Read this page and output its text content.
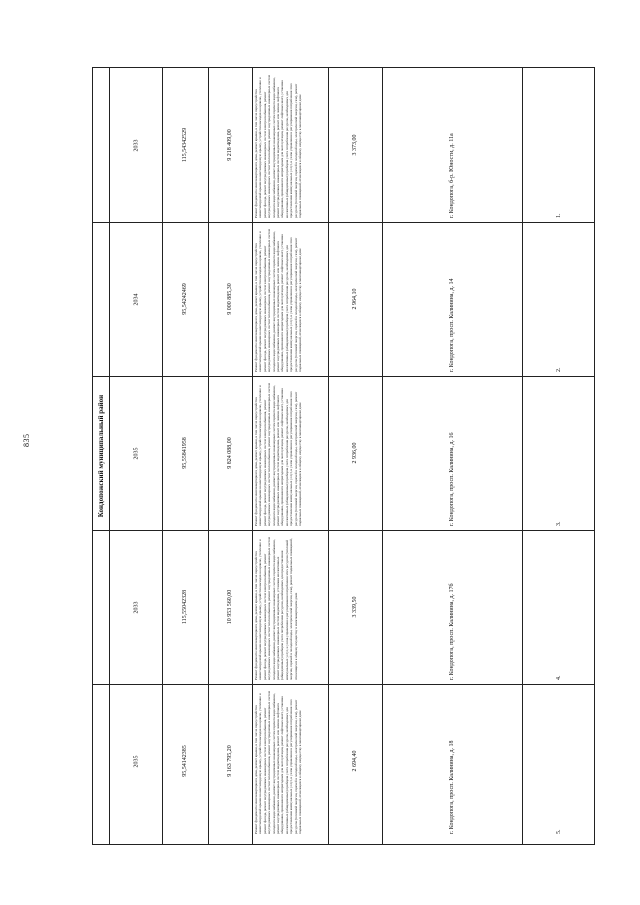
835	Кондопожский муниципальный район
2033	115,54342529	9 218 409,00	Ремонт фундамента многоквартирного дома, ремонт крыши, в том числе переустройство невентилируемой крыши на вентилируемую крышу, устройство выходов на кровлю, утепление и ремонт фасада, ремонт внутридомовых инженерных систем электроснабжения, ремонт внутридомовых инженерных систем теплоснабжения, ремонт внутридомовых инженерных систем холодного водоснабжения, ремонт внутридомовых инженерных систем горячего водоснабжения, ремонт внутридомовых инженерных систем водоотведения, ремонт или замена лифтового оборудования, признанного непригодным для эксплуатации, ремонт лифтовых шахт, установка коллективных (общедомовых) приборов учета потребления ресурсов, необходимых для предоставления коммунальных услуг, и узлов управления и регулирования потребления этих ресурсов (тепловой энергии, горячей и холодной воды, электрической энергии, газа), ремонт подвальных помещений, относящихся к общему имуществу в многоквартирном доме	3 373,00	г. Кондопога, б-р. Юности, д. 11а	1.
2034	95,54242469	9 000 885,30	Ремонт фундамента многоквартирного дома, ремонт крыши, в том числе переустройство невентилируемой крыши на вентилируемую крышу, устройство выходов на кровлю, утепление и ремонт фасада, ремонт внутридомовых инженерных систем электроснабжения, ремонт внутридомовых инженерных систем теплоснабжения, ремонт внутридомовых инженерных систем холодного водоснабжения, ремонт внутридомовых инженерных систем горячего водоснабжения, ремонт внутридомовых инженерных систем водоотведения, ремонт или замена лифтового оборудования, признанного непригодным для эксплуатации, ремонт лифтовых шахт, установка коллективных (общедомовых) приборов учета потребления ресурсов, необходимых для предоставления коммунальных услуг, и узлов управления и регулирования потребления этих ресурсов (тепловой энергии, горячей и холодной воды, электрической энергии, газа), ремонт подвальных помещений, относящихся к общему имуществу в многоквартирном доме	2 964,10	г. Кондопога, просп. Калинина, д. 14	2.
2035	95,55841958	9 824 088,00	Ремонт фундамента многоквартирного дома, ремонт крыши, в том числе переустройство невентилируемой крыши на вентилируемую крышу, устройство выходов на кровлю, утепление и ремонт фасада, ремонт внутридомовых инженерных систем электроснабжения, ремонт внутридомовых инженерных систем теплоснабжения, ремонт внутридомовых инженерных систем холодного водоснабжения, ремонт внутридомовых инженерных систем горячего водоснабжения, ремонт внутридомовых инженерных систем водоотведения, ремонт или замена лифтового оборудования, признанного непригодным для эксплуатации, ремонт лифтовых шахт, установка коллективных (общедомовых) приборов учета потребления ресурсов, необходимых для предоставления коммунальных услуг, и узлов управления и регулирования потребления этих ресурсов (тепловой энергии, горячей и холодной воды, электрической энергии, газа), ремонт подвальных помещений, относящихся к общему имуществу в многоквартирном доме	2 936,00	г. Кондопога, просп. Калинина, д. 16	3.
2033	115,55042328	10 953 560,00	Ремонт фундамента многоквартирного дома, ремонт крыши, в том числе переустройство невентилируемой крыши на вентилируемую крышу, устройство выходов на кровлю, утепление и ремонт фасада, ремонт внутридомовых инженерных систем электроснабжения, ремонт внутридомовых инженерных систем теплоснабжения, ремонт внутридомовых инженерных систем холодного водоснабжения, ремонт внутридомовых инженерных систем горячего водоснабжения, ремонт внутридомовых инженерных систем водоотведения, установка коллективных (общедомовых) приборов учета потребления ресурсов, необходимых для предоставления коммунальных услуг, и узлов управления и регулирования потребления этих ресурсов (тепловой энергии, горячей и холодной воды, электрической энергии, газа), ремонт подвальных помещений, относящихся к общему имуществу в многоквартирном доме	3 339,50	г. Кондопога, просп. Калинина, д. 17б	4.
2035	95,54142385	9 163 795,20	Ремонт фундамента многоквартирного дома, ремонт крыши, в том числе переустройство невентилируемой крыши на вентилируемую крышу, устройство выходов на кровлю, утепление и ремонт фасада, ремонт внутридомовых инженерных систем электроснабжения, ремонт внутридомовых инженерных систем теплоснабжения, ремонт внутридомовых инженерных систем холодного водоснабжения, ремонт внутридомовых инженерных систем горячего водоснабжения, ремонт внутридомовых инженерных систем водоотведения, ремонт или замена лифтового оборудования, признанного непригодным для эксплуатации, ремонт лифтовых шахт, установка коллективных (общедомовых) приборов учета потребления ресурсов, необходимых для предоставления коммунальных услуг, и узлов управления и регулирования потребления этих ресурсов (тепловой энергии, горячей и холодной воды, электрической энергии, газа), ремонт подвальных помещений, относящихся к общему имуществу в многоквартирном доме	2 694,40	г. Кондопога, просп. Калинина, д. 18	5.
